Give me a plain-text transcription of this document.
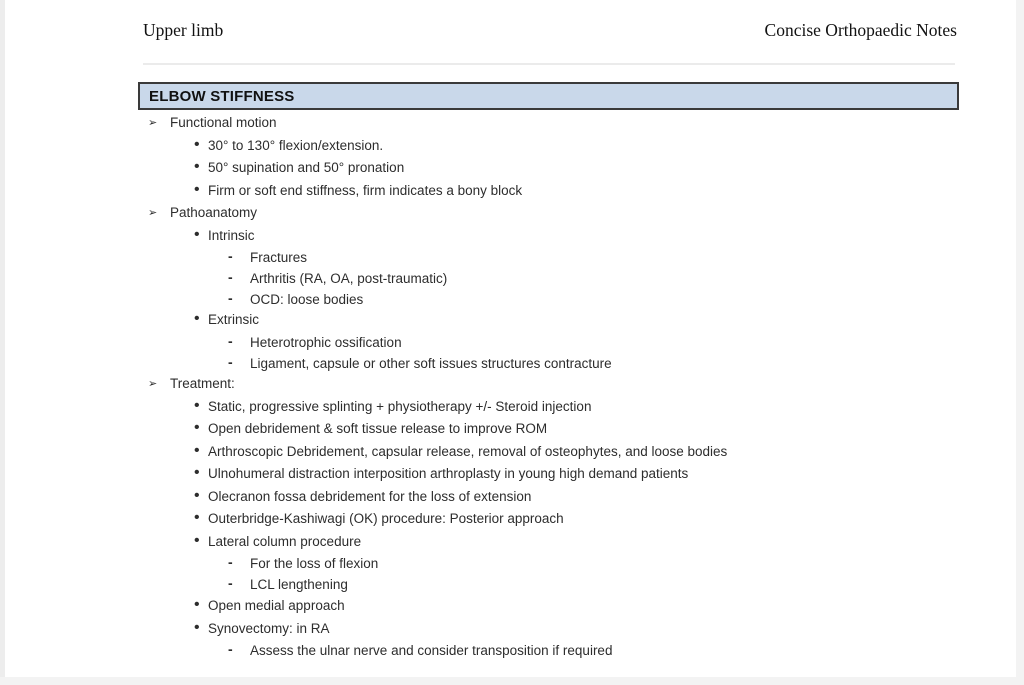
Upper limb	Concise Orthopaedic Notes
ELBOW STIFFNESS
➢ Functional motion
• 30° to 130° flexion/extension.
• 50° supination and 50° pronation
• Firm or soft end stiffness, firm indicates a bony block
➢ Pathoanatomy
• Intrinsic
- Fractures
- Arthritis (RA, OA, post-traumatic)
- OCD: loose bodies
• Extrinsic
- Heterotrophic ossification
- Ligament, capsule or other soft issues structures contracture
➢ Treatment:
• Static, progressive splinting + physiotherapy +/- Steroid injection
• Open debridement & soft tissue release to improve ROM
• Arthroscopic Debridement, capsular release, removal of osteophytes, and loose bodies
• Ulnohumeral distraction interposition arthroplasty in young high demand patients
• Olecranon fossa debridement for the loss of extension
• Outerbridge-Kashiwagi (OK) procedure: Posterior approach
• Lateral column procedure
- For the loss of flexion
- LCL lengthening
• Open medial approach
• Synovectomy: in RA
- Assess the ulnar nerve and consider transposition if required
